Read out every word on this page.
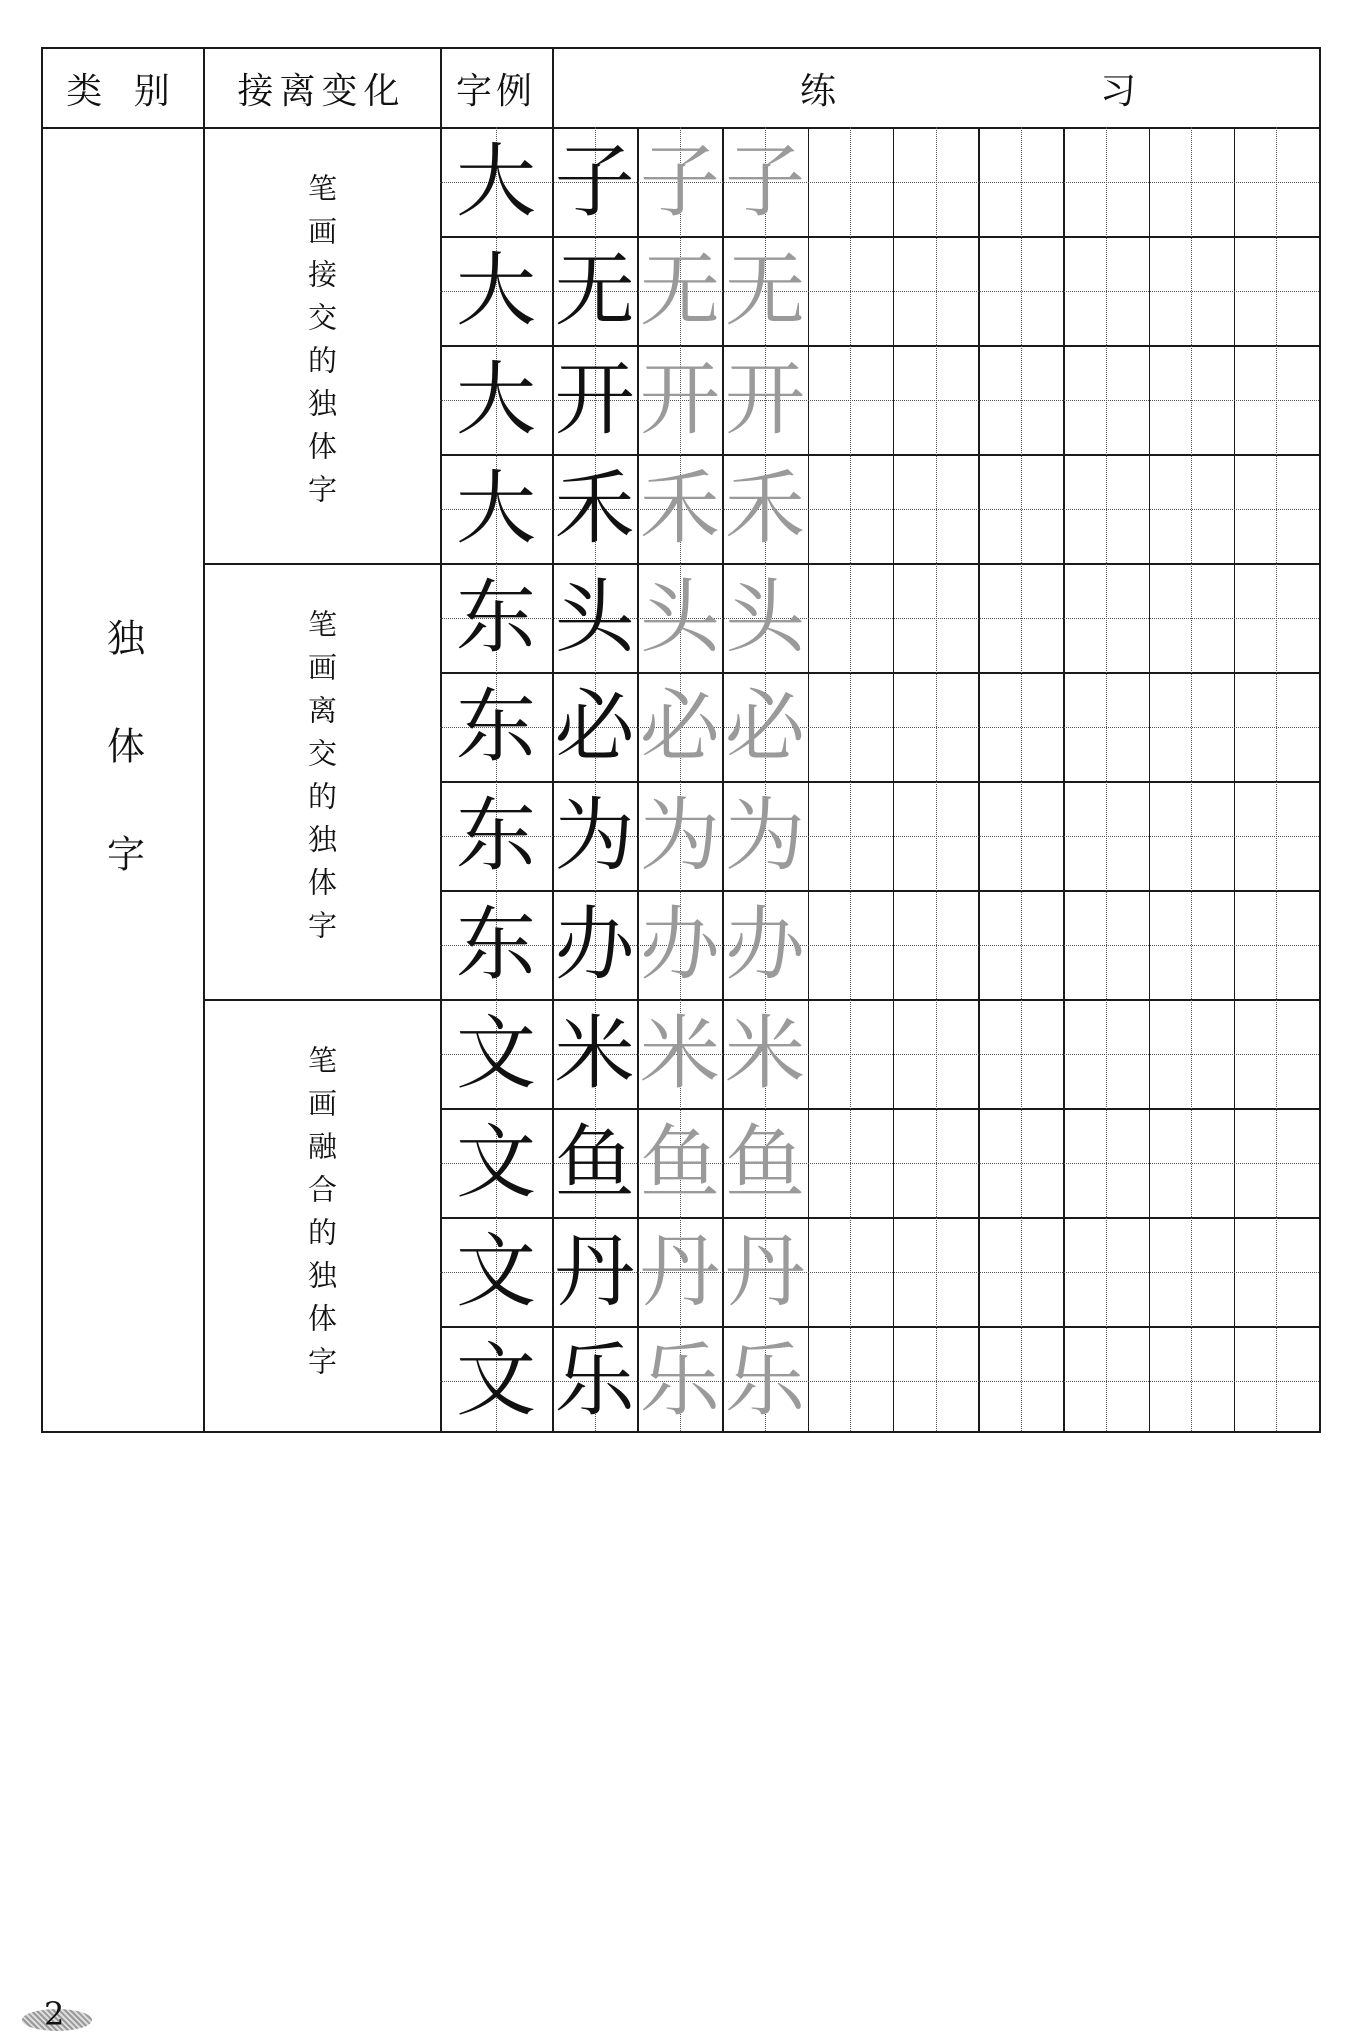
类 别	接离变化	字例	练	习
独体字
笔画接交的独体字
笔画离交的独体字
笔画融合的独体字
大 子 子 子
大 无 无 无
大 开 开 开
大 禾 禾 禾
东 头 头 头
东 必 必 必
东 为 为 为
东 办 办 办
文 米 米 米
文 鱼 鱼 鱼
文 丹 丹 丹
文 乐 乐 乐
2
